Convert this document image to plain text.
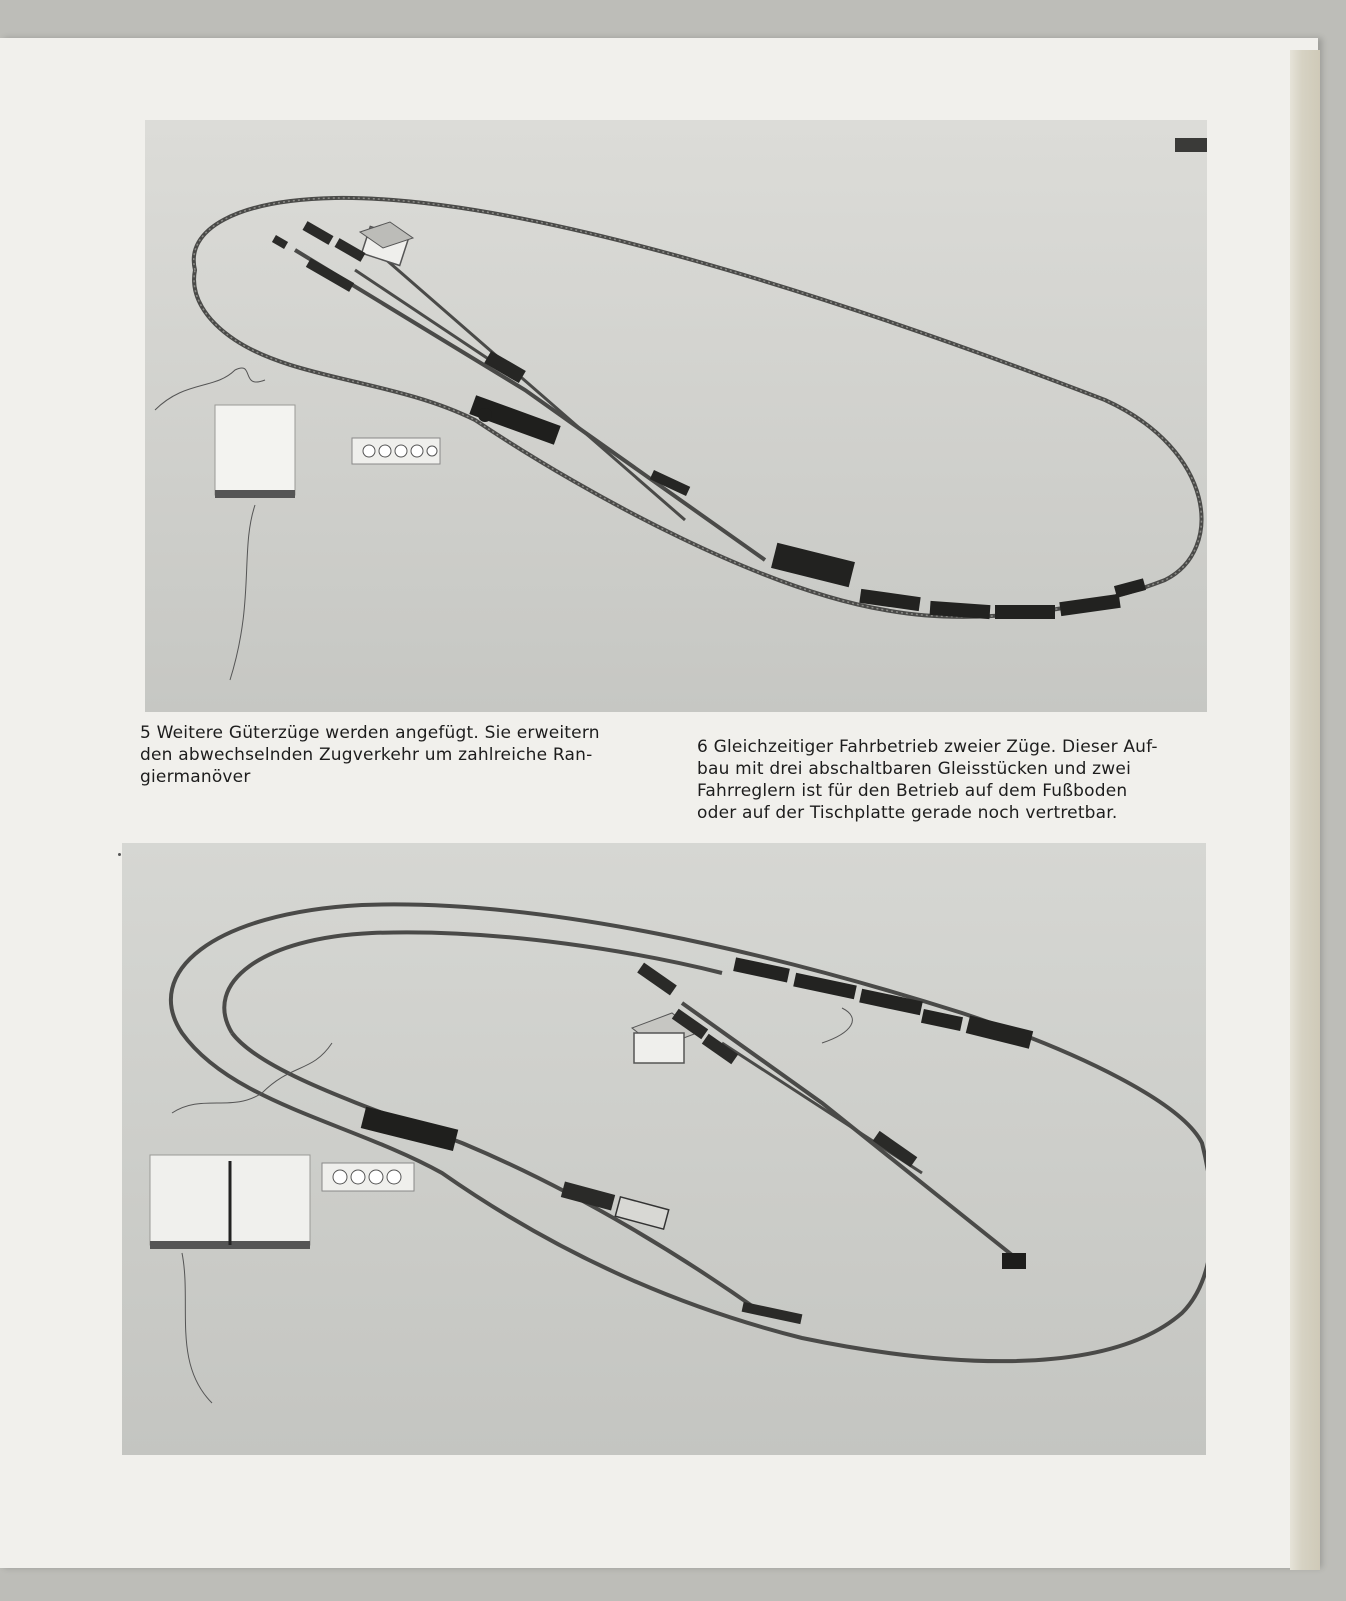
5 Weitere Güterzüge werden angefügt. Sie erweitern
den abwechselnden Zugverkehr um zahlreiche Ran-
giermanöver
6 Gleichzeitiger Fahrbetrieb zweier Züge. Dieser Auf-
bau mit drei abschaltbaren Gleisstücken und zwei
Fahrreglern ist für den Betrieb auf dem Fußboden
oder auf der Tischplatte gerade noch vertretbar.
